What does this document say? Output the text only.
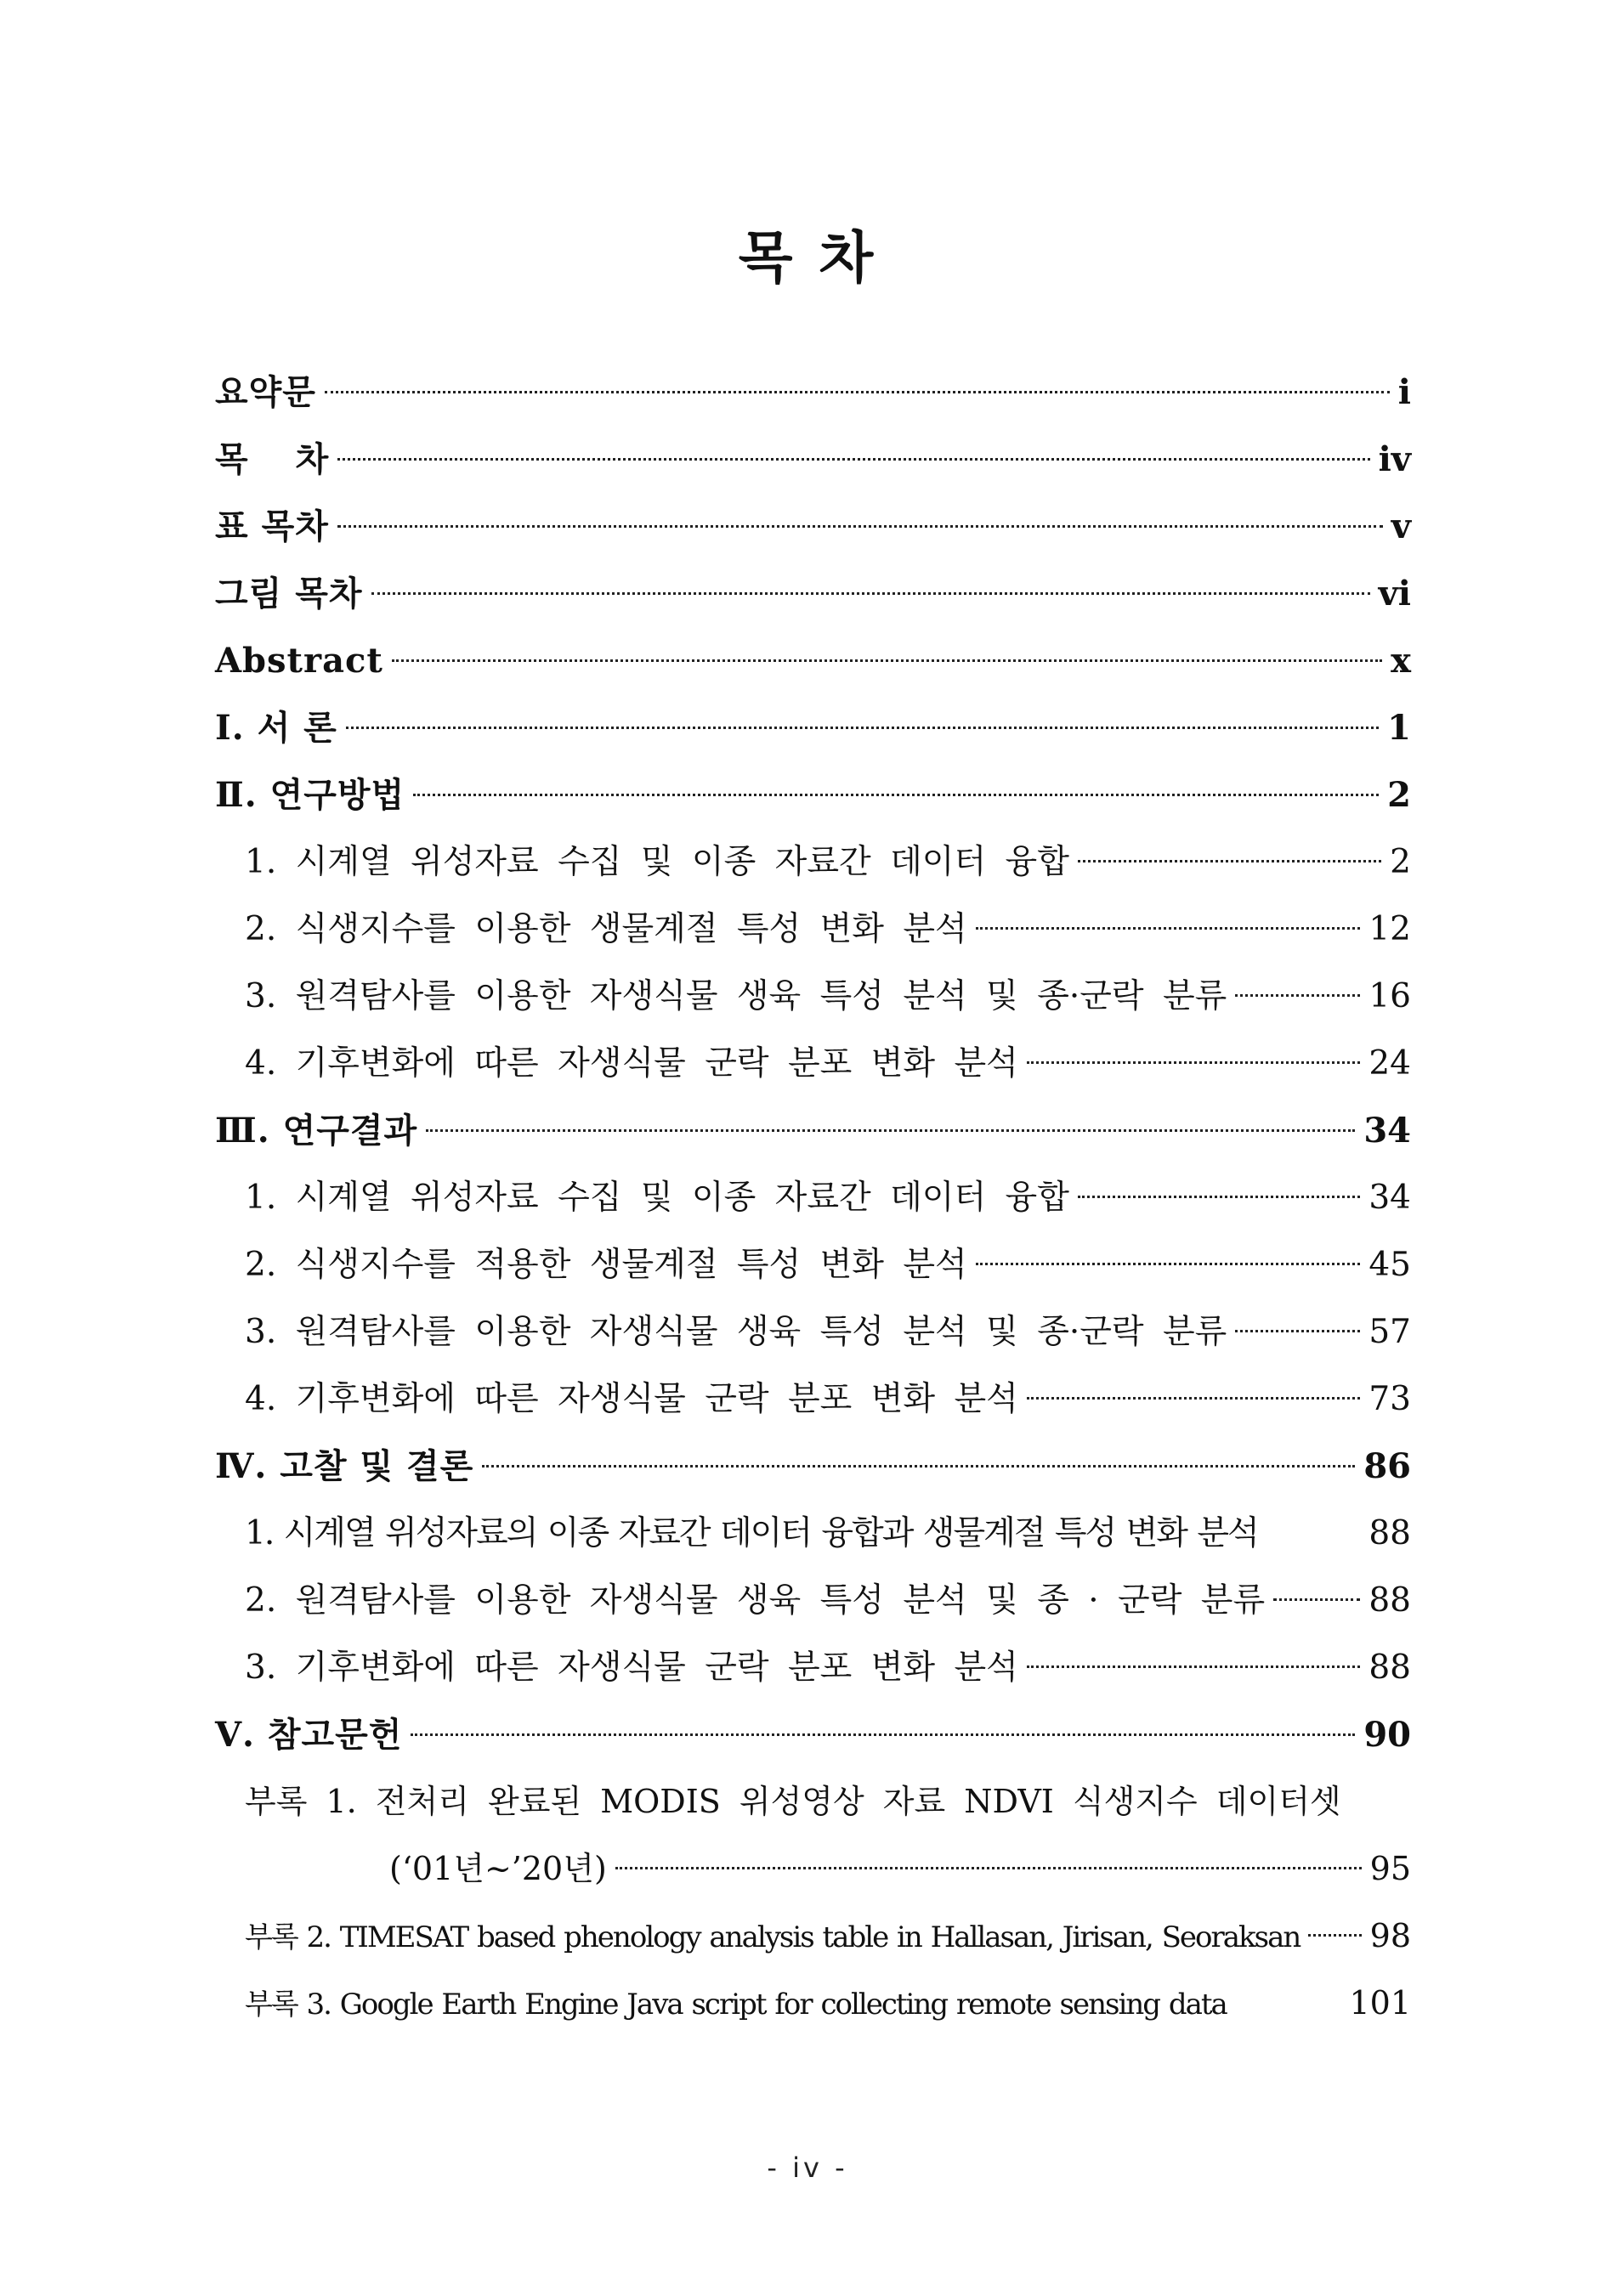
목 차
요약문	i
목 차	iv
표 목차	v
그림 목차	vi
Abstract	x
Ⅰ. 서 론	1
Ⅱ. 연구방법	2
1. 시계열 위성자료 수집 및 이종 자료간 데이터 융합	2
2. 식생지수를 이용한 생물계절 특성 변화 분석	12
3. 원격탐사를 이용한 자생식물 생육 특성 분석 및 종·군락 분류	16
4. 기후변화에 따른 자생식물 군락 분포 변화 분석	24
Ⅲ. 연구결과	34
1. 시계열 위성자료 수집 및 이종 자료간 데이터 융합	34
2. 식생지수를 적용한 생물계절 특성 변화 분석	45
3. 원격탐사를 이용한 자생식물 생육 특성 분석 및 종·군락 분류	57
4. 기후변화에 따른 자생식물 군락 분포 변화 분석	73
Ⅳ. 고찰 및 결론	86
1. 시계열 위성자료의 이종 자료간 데이터 융합과 생물계절 특성 변화 분석	88
2. 원격탐사를 이용한 자생식물 생육 특성 분석 및 종 · 군락 분류	88
3. 기후변화에 따른 자생식물 군락 분포 변화 분석	88
Ⅴ. 참고문헌	90
부록 1. 전처리 완료된 MODIS 위성영상 자료 NDVI 식생지수 데이터셋
(‘01년~’20년)	95
부록 2. TIMESAT based phenology analysis table in Hallasan, Jirisan, Seoraksan 98
부록 3. Google Earth Engine Java script for collecting remote sensing data	101
- iv -
